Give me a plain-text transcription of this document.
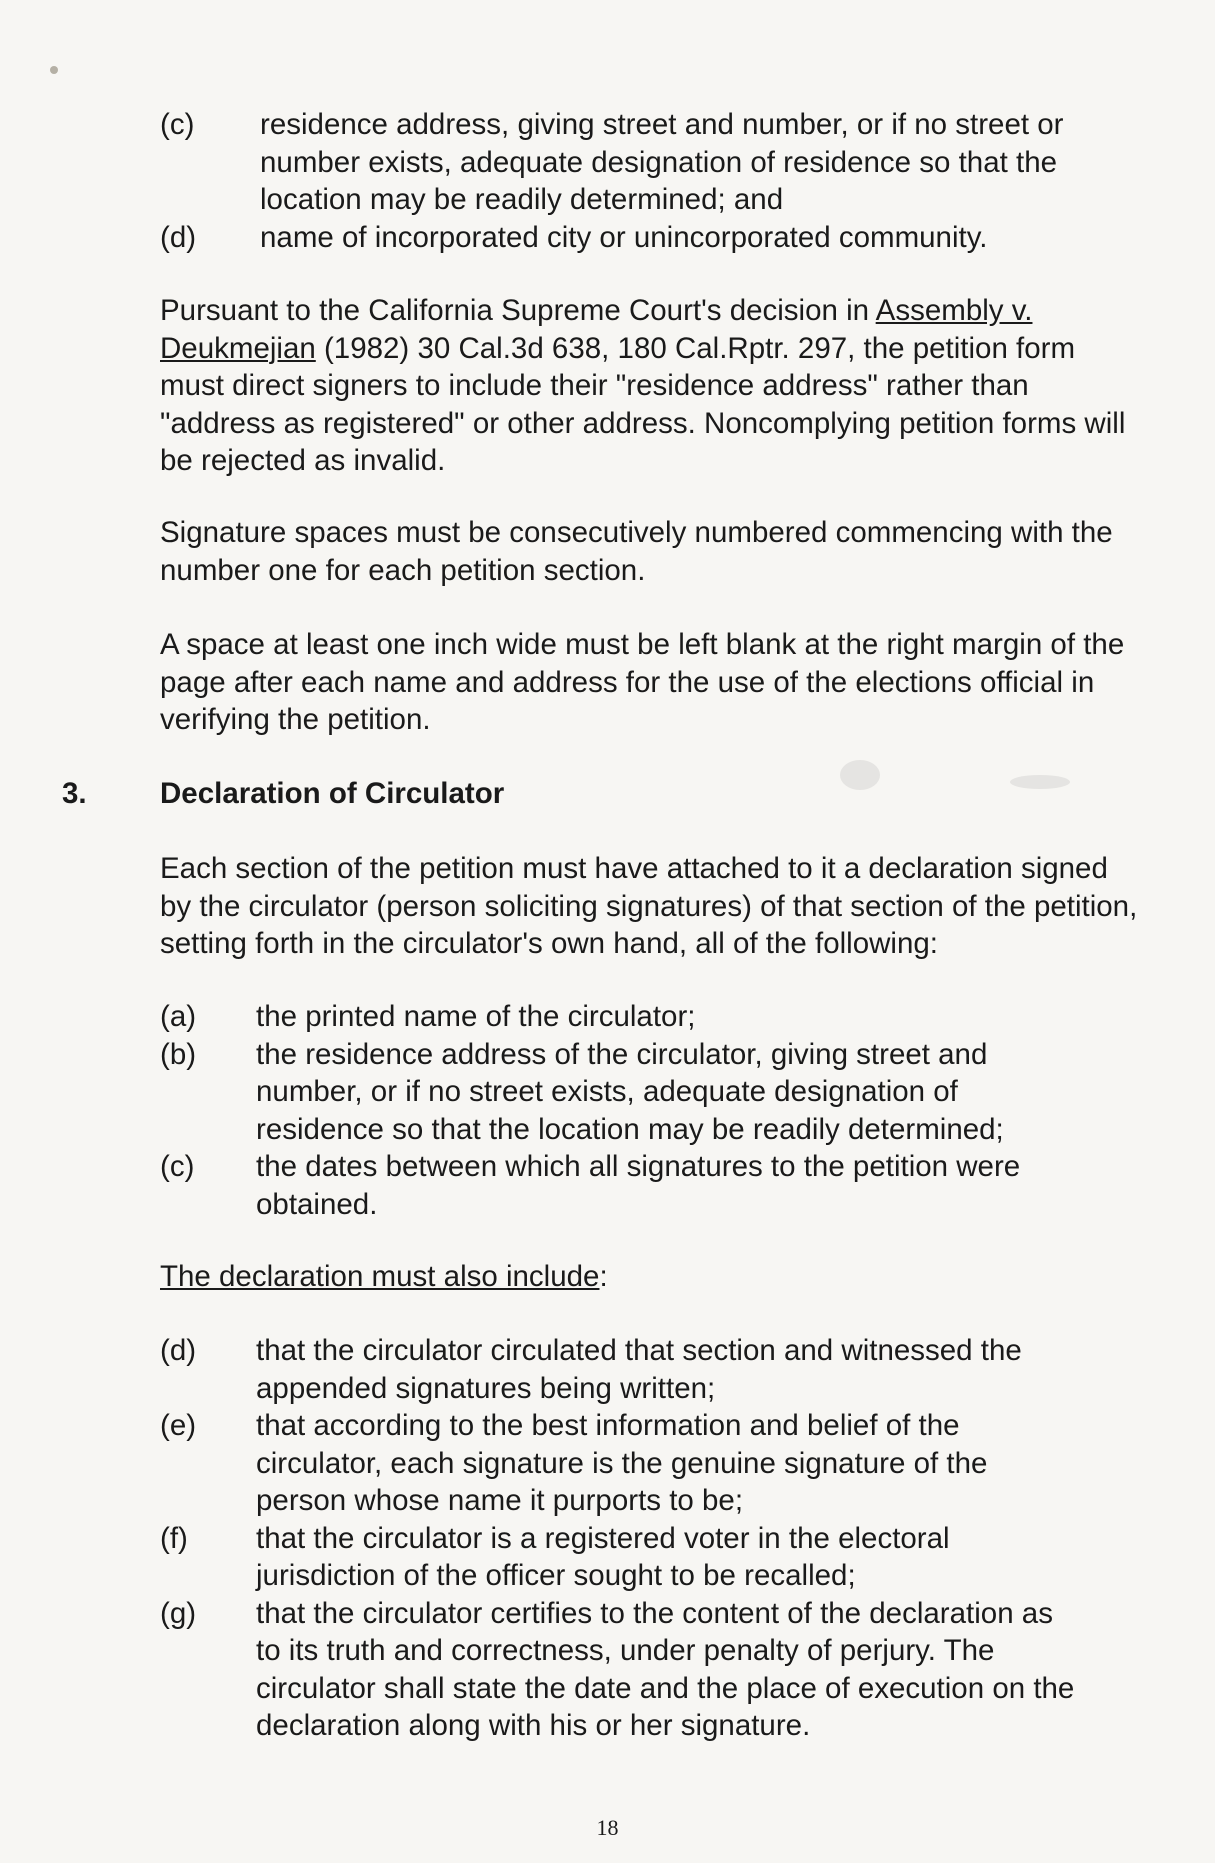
(c)	residence address, giving street and number, or if no street or number exists, adequate designation of residence so that the location may be readily determined; and
(d)	name of incorporated city or unincorporated community.

Pursuant to the California Supreme Court's decision in Assembly v. Deukmejian (1982) 30 Cal.3d 638, 180 Cal.Rptr. 297, the petition form must direct signers to include their "residence address" rather than "address as registered" or other address. Noncomplying petition forms will be rejected as invalid.

Signature spaces must be consecutively numbered commencing with the number one for each petition section.

A space at least one inch wide must be left blank at the right margin of the page after each name and address for the use of the elections official in verifying the petition.

3. Declaration of Circulator

Each section of the petition must have attached to it a declaration signed by the circulator (person soliciting signatures) of that section of the petition, setting forth in the circulator's own hand, all of the following:

(a)	the printed name of the circulator;
(b)	the residence address of the circulator, giving street and number, or if no street exists, adequate designation of residence so that the location may be readily determined;
(c)	the dates between which all signatures to the petition were obtained.

The declaration must also include:

(d)	that the circulator circulated that section and witnessed the appended signatures being written;
(e)	that according to the best information and belief of the circulator, each signature is the genuine signature of the person whose name it purports to be;
(f)	that the circulator is a registered voter in the electoral jurisdiction of the officer sought to be recalled;
(g)	that the circulator certifies to the content of the declaration as to its truth and correctness, under penalty of perjury. The circulator shall state the date and the place of execution on the declaration along with his or her signature.
18
